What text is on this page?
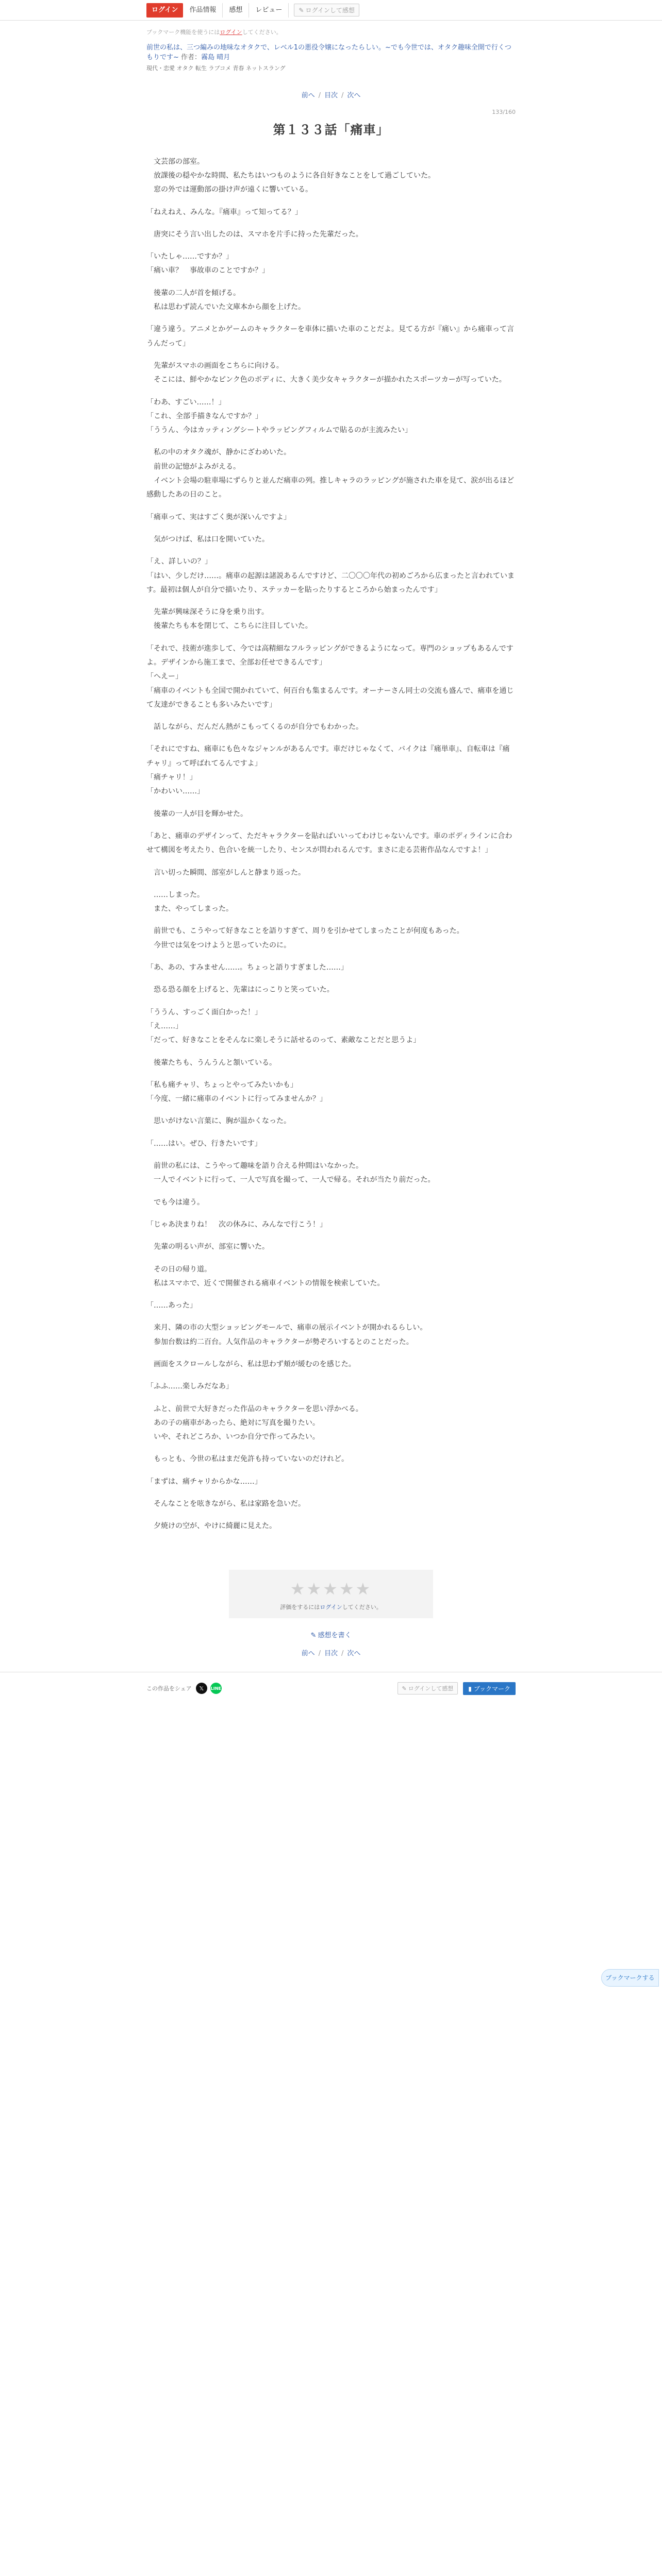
ログイン	作品情報	感想	レビュー	✎ ログインして感想
ブックマーク機能を使うにはログインしてください。
前世の私は、三つ編みの地味なオタクで、レベル1の悪役令嬢になったらしい。~でも今世では、オタク趣味全開で行くつもりです~ 作者：霧島 晴月
現代・恋愛 オタク 転生 ラブコメ 青春 ネットスラング
前へ / 目次 / 次へ
133/160
第１３３話「痛車」

　文芸部の部室。

　放課後の穏やかな時間、私たちはいつものように各自好きなことをして過ごしていた。

　窓の外では運動部の掛け声が遠くに響いている。

「ねえねえ、みんな。『痛車』って知ってる？」

　唐突にそう言い出したのは、スマホを片手に持った先輩だった。

「いたしゃ……ですか？」

「痛い車？　事故車のことですか？」

　後輩の二人が首を傾げる。

　私は思わず読んでいた文庫本から顔を上げた。

「違う違う。アニメとかゲームのキャラクターを車体に描いた車のことだよ。見てる方が『痛い』から痛車って言うんだって」

　先輩がスマホの画面をこちらに向ける。

　そこには、鮮やかなピンク色のボディに、大きく美少女キャラクターが描かれたスポーツカーが写っていた。

「わあ、すごい……！」

「これ、全部手描きなんですか？」

「ううん、今はカッティングシートやラッピングフィルムで貼るのが主流みたい」

　私の中のオタク魂が、静かにざわめいた。

　前世の記憶がよみがえる。

　イベント会場の駐車場にずらりと並んだ痛車の列。推しキャラのラッピングが施された車を見て、涙が出るほど感動したあの日のこと。

「痛車って、実はすごく奥が深いんですよ」

　気がつけば、私は口を開いていた。

「え、詳しいの？」

「はい、少しだけ……。痛車の起源は諸説あるんですけど、二〇〇〇年代の初めごろから広まったと言われています。最初は個人が自分で描いたり、ステッカーを貼ったりするところから始まったんです」

　先輩が興味深そうに身を乗り出す。

　後輩たちも本を閉じて、こちらに注目していた。

「それで、技術が進歩して、今では高精細なフルラッピングができるようになって。専門のショップもあるんですよ。デザインから施工まで、全部お任せできるんです」

「へえー」

「痛車のイベントも全国で開かれていて、何百台も集まるんです。オーナーさん同士の交流も盛んで、痛車を通じて友達ができることも多いみたいです」

　話しながら、だんだん熱がこもってくるのが自分でもわかった。

「それにですね、痛車にも色々なジャンルがあるんです。車だけじゃなくて、バイクは『痛単車』、自転車は『痛チャリ』って呼ばれてるんですよ」

「痛チャリ！」

「かわいい……」

　後輩の一人が目を輝かせた。

「あと、痛車のデザインって、ただキャラクターを貼ればいいってわけじゃないんです。車のボディラインに合わせて構図を考えたり、色合いを統一したり、センスが問われるんです。まさに走る芸術作品なんですよ！」

　言い切った瞬間、部室がしんと静まり返った。

　……しまった。

　また、やってしまった。

　前世でも、こうやって好きなことを語りすぎて、周りを引かせてしまったことが何度もあった。

　今世では気をつけようと思っていたのに。

「あ、あの、すみません……。ちょっと語りすぎました……」

　恐る恐る顔を上げると、先輩はにっこりと笑っていた。

「ううん、すっごく面白かった！」

「え……」

「だって、好きなことをそんなに楽しそうに話せるのって、素敵なことだと思うよ」

　後輩たちも、うんうんと頷いている。

「私も痛チャリ、ちょっとやってみたいかも」

「今度、一緒に痛車のイベントに行ってみませんか？」

　思いがけない言葉に、胸が温かくなった。

「……はい。ぜひ、行きたいです」

　前世の私には、こうやって趣味を語り合える仲間はいなかった。

　一人でイベントに行って、一人で写真を撮って、一人で帰る。それが当たり前だった。

　でも今は違う。

「じゃあ決まりね！　次の休みに、みんなで行こう！」

　先輩の明るい声が、部室に響いた。

　その日の帰り道。

　私はスマホで、近くで開催される痛車イベントの情報を検索していた。

「……あった」

　来月、隣の市の大型ショッピングモールで、痛車の展示イベントが開かれるらしい。

　参加台数は約二百台。人気作品のキャラクターが勢ぞろいするとのことだった。

　画面をスクロールしながら、私は思わず頬が緩むのを感じた。

「ふふ……楽しみだなあ」

　ふと、前世で大好きだった作品のキャラクターを思い浮かべる。

　あの子の痛車があったら、絶対に写真を撮りたい。

　いや、それどころか、いつか自分で作ってみたい。

　もっとも、今世の私はまだ免許も持っていないのだけれど。

「まずは、痛チャリからかな……」

　そんなことを呟きながら、私は家路を急いだ。

　夕焼けの空が、やけに綺麗に見えた。

★★★★★
評価をするにはログインしてください。
✎ 感想を書く
前へ / 目次 / 次へ
ブックマークする
この作品をシェア	𝕏	LINE	✎ ログインして感想	▮ ブックマーク
